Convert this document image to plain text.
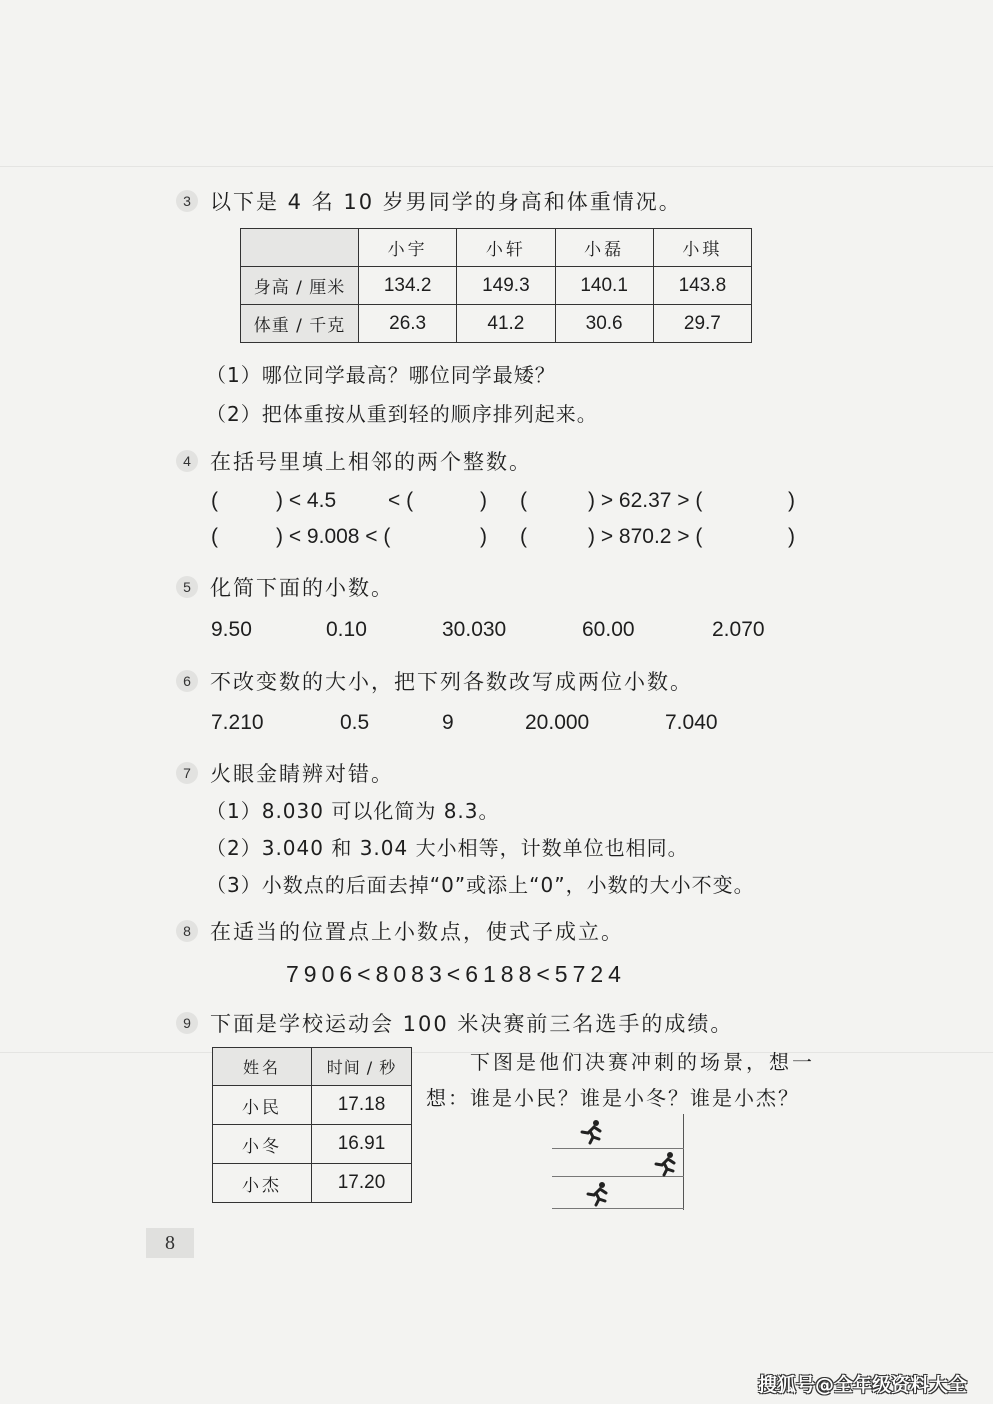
3 以下是 4 名 10 岁男同学的身高和体重情况。
	小宇	小轩	小磊	小琪
身高 / 厘米	134.2	149.3	140.1	143.8
体重 / 千克	26.3	41.2	30.6	29.7
（1）哪位同学最高？哪位同学最矮？
（2）把体重按从重到轻的顺序排列起来。
4 在括号里填上相邻的两个整数。
(	) < 4.5 < (	) (	) > 62.37 > (	)
(	) < 9.008 < (	) (	) > 870.2 > (	)
5 化简下面的小数。
9.50	0.10	30.030	60.00	2.070
6 不改变数的大小，把下列各数改写成两位小数。
7.210	0.5	9	20.000	7.040
7 火眼金睛辨对错。
（1）8.030 可以化简为 8.3。
（2）3.040 和 3.04 大小相等，计数单位也相同。
（3）小数点的后面去掉“0”或添上“0”，小数的大小不变。
8 在适当的位置点上小数点，使式子成立。
7906<8083<6188<5724
9 下面是学校运动会 100 米决赛前三名选手的成绩。
姓名	时间 / 秒
小民	17.18
小冬	16.91
小杰	17.20
下图是他们决赛冲刺的场景，想一
想：谁是小民？谁是小冬？谁是小杰？
8
搜狐号@全年级资料大全
